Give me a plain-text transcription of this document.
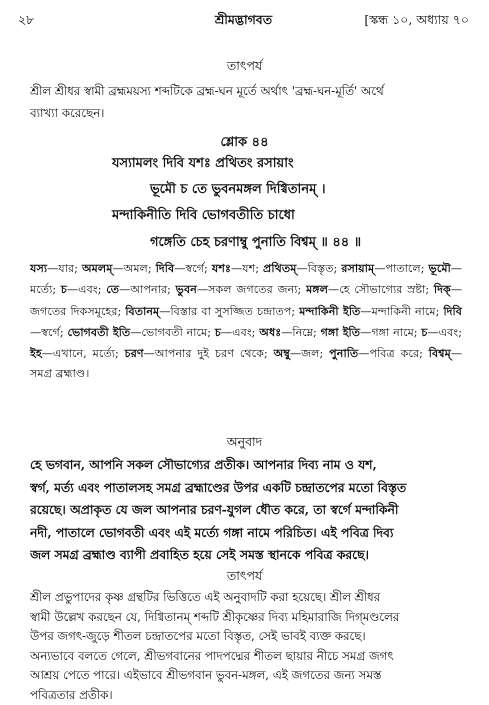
২৮	শ্রীমদ্ভাগবত	[স্কন্ধ ১০, অধ্যায় ৭০
তাৎপর্য
শ্রীল শ্রীধর স্বামী ব্রহ্মময়স্য শব্দটিকে ব্রহ্ম-ঘন মূর্তে অর্থাৎ 'ব্রহ্ম-ঘন-মূর্তি' অর্থে
ব্যাখ্যা করেছেন।
শ্লোক ৪৪
যস্যামলং দিবি যশঃ প্রথিতং রসায়াং
ভূমৌ চ তে ভুবনমঙ্গল দিগ্বিতানম্‌ ।
মন্দাকিনীতি দিবি ভোগবতীতি চাধো
গঙ্গেতি চেহ চরণাম্বু পুনাতি বিশ্বম্‌ ॥ ৪৪ ॥

যস্য—যার; অমলম্‌—অমল; দিবি—স্বর্গে; যশঃ—যশ; প্রথিতম্‌—বিস্তৃত; রসায়াম্‌—পাতালে; ভূমৌ—মর্ত্যে; চ—এবং; তে—আপনার; ভুবন—সকল জগতের জন্য; মঙ্গল—হে সৌভাগ্যের স্রষ্টা; দিক্‌—জগতের দিকসমূহের; বিতানম্‌—বিস্তার বা সুসজ্জিত চন্দ্রাতপ; মন্দাকিনী ইতি—মন্দাকিনী নামে; দিবি—স্বর্গে; ভোগবতী ইতি—ভোগবতী নামে; চ—এবং; অধঃ—নিম্নে; গঙ্গা ইতি—গঙ্গা নামে; চ—এবং; ইহ—এখানে, মর্ত্যে; চরণ—আপনার দুই চরণ থেকে; অম্বু—জল; পুনাতি—পবিত্র করে; বিশ্বম্‌—সমগ্র ব্রহ্মাণ্ড।

অনুবাদ
হে ভগবান, আপনি সকল সৌভাগ্যের প্রতীক। আপনার দিব্য নাম ও যশ,
স্বর্গ, মর্ত্য এবং পাতালসহ সমগ্র ব্রহ্মাণ্ডের উপর একটি চন্দ্রাতপের মতো বিস্তৃত
রয়েছে। অপ্রাকৃত যে জল আপনার চরণ-যুগল ধৌত করে, তা স্বর্গে মন্দাকিনী
নদী, পাতালে ভোগবতী এবং এই মর্ত্যে গঙ্গা নামে পরিচিত। এই পবিত্র দিব্য
জল সমগ্র ব্রহ্মাণ্ড ব্যাপী প্রবাহিত হয়ে সেই সমস্ত স্থানকে পবিত্র করছে।
তাৎপর্য
শ্রীল প্রভুপাদের কৃষ্ণ গ্রন্থটির ভিত্তিতে এই অনুবাদটি করা হয়েছে। শ্রীল শ্রীধর
স্বামী উল্লেখ করছেন যে, দিগ্বিতানম্‌ শব্দটি শ্রীকৃষ্ণের দিব্য মহিমারাজি দিগ্‌মণ্ডলের
উপর জগৎ-জুড়ে শীতল চন্দ্রাতপের মতো বিস্তৃত, সেই ভাবই ব্যক্ত করছে।
অন্যভাবে বলতে গেলে, শ্রীভগবানের পাদপদ্মের শীতল ছায়ার নীচে সমগ্র জগৎ
আশ্রয় পেতে পারে। এইভাবে শ্রীভগবান ভুবন-মঙ্গল, এই জগতের জন্য সমস্ত
পবিত্রতার প্রতীক।
